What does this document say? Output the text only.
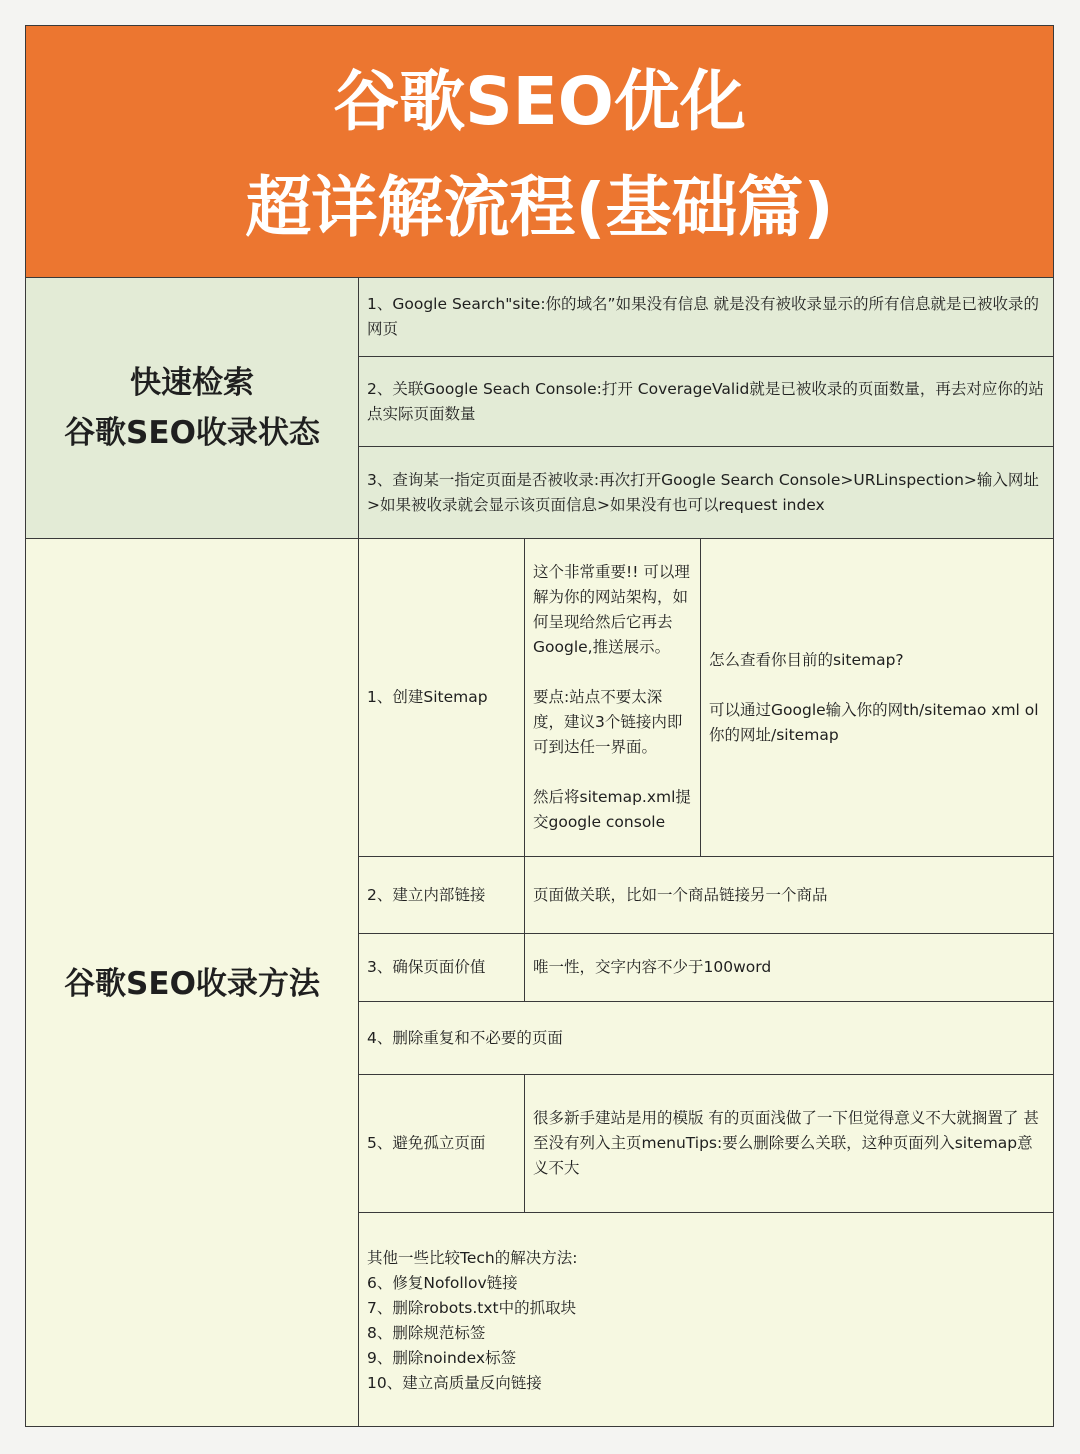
谷歌SEO优化
超详解流程(基础篇)
快速检索
谷歌SEO收录状态
1、Google Search"site:你的域名”如果没有信息 就是没有被收录显示的所有信息就是已被收录的网页
2、关联Google Seach Console:打开 CoverageValid就是已被收录的页面数量，再去对应你的站点实际页面数量
3、查询某一指定页面是否被收录:再次打开Google Search Console>URLinspection>输入网址>如果被收录就会显示该页面信息>如果没有也可以request index
谷歌SEO收录方法
1、创建Sitemap
这个非常重要!! 可以理解为你的网站架构，如何呈现给然后它再去Google,推送展示。

要点:站点不要太深度，建议3个链接内即可到达任一界面。

然后将sitemap.xml提交google console
怎么查看你目前的sitemap?

可以通过Google输入你的网th/sitemao xml ol你的网址/sitemap
2、建立内部链接	页面做关联，比如一个商品链接另一个商品
3、确保页面价值	唯一性，交字内容不少于100word
4、删除重复和不必要的页面
5、避免孤立页面
很多新手建站是用的模版 有的页面浅做了一下但觉得意义不大就搁置了 甚至没有列入主页menuTips:要么删除要么关联，这种页面列入sitemap意义不大
其他一些比较Tech的解决方法:
6、修复Nofollov链接
7、删除robots.txt中的抓取块
8、删除规范标签
9、删除noindex标签
10、建立高质量反向链接
